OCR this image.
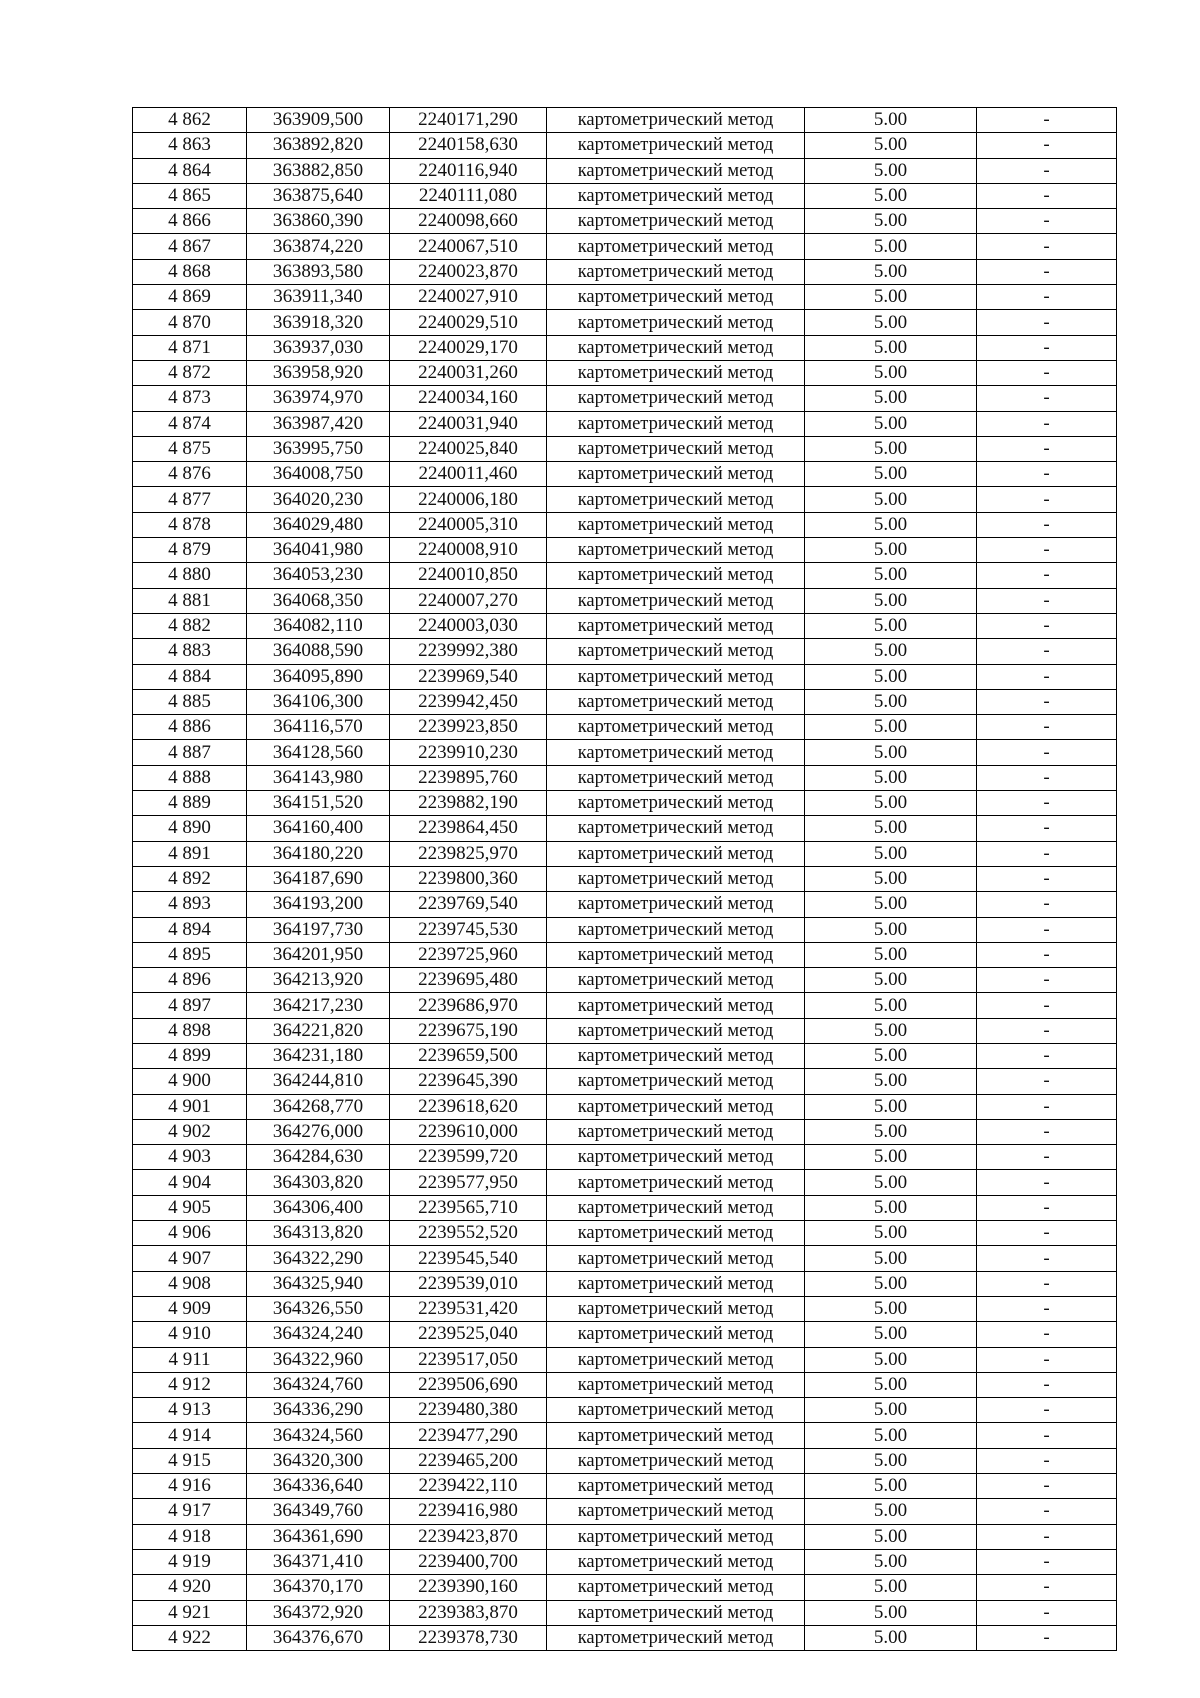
4 862	363909,500	2240171,290	картометрический метод	5.00	-
4 863	363892,820	2240158,630	картометрический метод	5.00	-
4 864	363882,850	2240116,940	картометрический метод	5.00	-
4 865	363875,640	2240111,080	картометрический метод	5.00	-
4 866	363860,390	2240098,660	картометрический метод	5.00	-
4 867	363874,220	2240067,510	картометрический метод	5.00	-
4 868	363893,580	2240023,870	картометрический метод	5.00	-
4 869	363911,340	2240027,910	картометрический метод	5.00	-
4 870	363918,320	2240029,510	картометрический метод	5.00	-
4 871	363937,030	2240029,170	картометрический метод	5.00	-
4 872	363958,920	2240031,260	картометрический метод	5.00	-
4 873	363974,970	2240034,160	картометрический метод	5.00	-
4 874	363987,420	2240031,940	картометрический метод	5.00	-
4 875	363995,750	2240025,840	картометрический метод	5.00	-
4 876	364008,750	2240011,460	картометрический метод	5.00	-
4 877	364020,230	2240006,180	картометрический метод	5.00	-
4 878	364029,480	2240005,310	картометрический метод	5.00	-
4 879	364041,980	2240008,910	картометрический метод	5.00	-
4 880	364053,230	2240010,850	картометрический метод	5.00	-
4 881	364068,350	2240007,270	картометрический метод	5.00	-
4 882	364082,110	2240003,030	картометрический метод	5.00	-
4 883	364088,590	2239992,380	картометрический метод	5.00	-
4 884	364095,890	2239969,540	картометрический метод	5.00	-
4 885	364106,300	2239942,450	картометрический метод	5.00	-
4 886	364116,570	2239923,850	картометрический метод	5.00	-
4 887	364128,560	2239910,230	картометрический метод	5.00	-
4 888	364143,980	2239895,760	картометрический метод	5.00	-
4 889	364151,520	2239882,190	картометрический метод	5.00	-
4 890	364160,400	2239864,450	картометрический метод	5.00	-
4 891	364180,220	2239825,970	картометрический метод	5.00	-
4 892	364187,690	2239800,360	картометрический метод	5.00	-
4 893	364193,200	2239769,540	картометрический метод	5.00	-
4 894	364197,730	2239745,530	картометрический метод	5.00	-
4 895	364201,950	2239725,960	картометрический метод	5.00	-
4 896	364213,920	2239695,480	картометрический метод	5.00	-
4 897	364217,230	2239686,970	картометрический метод	5.00	-
4 898	364221,820	2239675,190	картометрический метод	5.00	-
4 899	364231,180	2239659,500	картометрический метод	5.00	-
4 900	364244,810	2239645,390	картометрический метод	5.00	-
4 901	364268,770	2239618,620	картометрический метод	5.00	-
4 902	364276,000	2239610,000	картометрический метод	5.00	-
4 903	364284,630	2239599,720	картометрический метод	5.00	-
4 904	364303,820	2239577,950	картометрический метод	5.00	-
4 905	364306,400	2239565,710	картометрический метод	5.00	-
4 906	364313,820	2239552,520	картометрический метод	5.00	-
4 907	364322,290	2239545,540	картометрический метод	5.00	-
4 908	364325,940	2239539,010	картометрический метод	5.00	-
4 909	364326,550	2239531,420	картометрический метод	5.00	-
4 910	364324,240	2239525,040	картометрический метод	5.00	-
4 911	364322,960	2239517,050	картометрический метод	5.00	-
4 912	364324,760	2239506,690	картометрический метод	5.00	-
4 913	364336,290	2239480,380	картометрический метод	5.00	-
4 914	364324,560	2239477,290	картометрический метод	5.00	-
4 915	364320,300	2239465,200	картометрический метод	5.00	-
4 916	364336,640	2239422,110	картометрический метод	5.00	-
4 917	364349,760	2239416,980	картометрический метод	5.00	-
4 918	364361,690	2239423,870	картометрический метод	5.00	-
4 919	364371,410	2239400,700	картометрический метод	5.00	-
4 920	364370,170	2239390,160	картометрический метод	5.00	-
4 921	364372,920	2239383,870	картометрический метод	5.00	-
4 922	364376,670	2239378,730	картометрический метод	5.00	-
